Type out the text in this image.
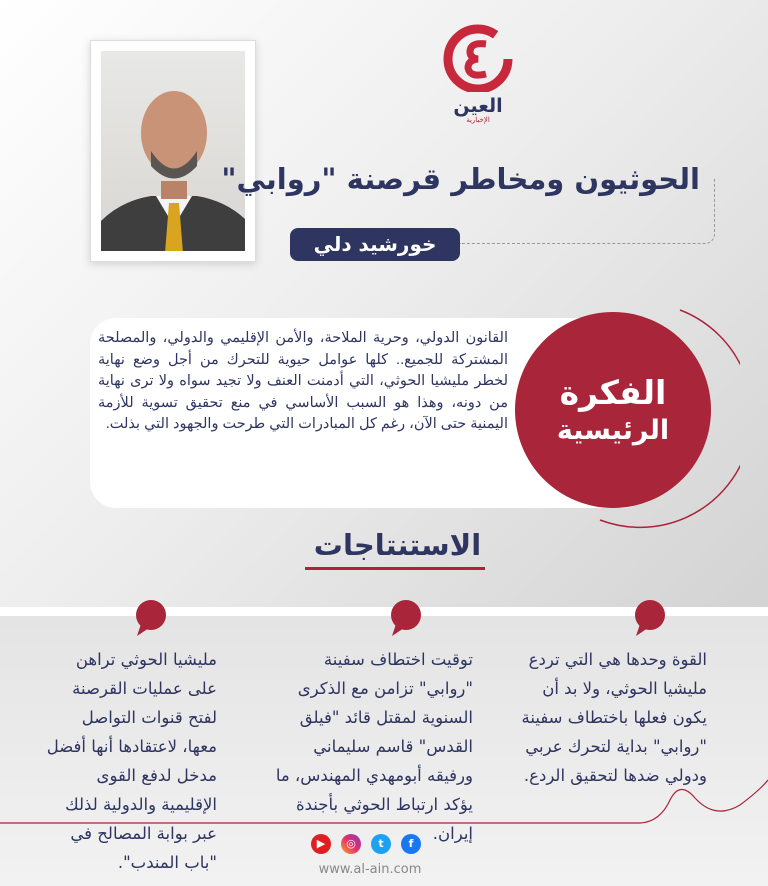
العين
الإخبارية
الحوثيون ومخاطر قرصنة "روابي"
خورشيد دلي
القانون الدولي، وحرية الملاحة، والأمن الإقليمي والدولي، والمصلحة المشتركة للجميع.. كلها عوامل حيوية للتحرك من أجل وضع نهاية لخطر مليشيا الحوثي، التي أدمنت العنف ولا تجيد سواه ولا ترى نهاية من دونه، وهذا هو السبب الأساسي في منع تحقيق تسوية للأزمة اليمنية حتى الآن، رغم كل المبادرات التي طرحت والجهود التي بذلت.
الفكرة
الرئيسية
الاستنتاجات
القوة وحدها هي التي تردع مليشيا الحوثي، ولا بد أن يكون فعلها باختطاف سفينة "روابي" بداية لتحرك عربي ودولي ضدها لتحقيق الردع.
توقيت اختطاف سفينة "روابي" تزامن مع الذكرى السنوية لمقتل قائد "فيلق القدس" قاسم سليماني ورفيقه أبومهدي المهندس، ما يؤكد ارتباط الحوثي بأجندة إيران.
مليشيا الحوثي تراهن على عمليات القرصنة لفتح قنوات التواصل معها، لاعتقادها أنها أفضل مدخل لدفع القوى الإقليمية والدولية لذلك عبر بوابة المصالح في "باب المندب".
▶	◎	t	f
www.al-ain.com
